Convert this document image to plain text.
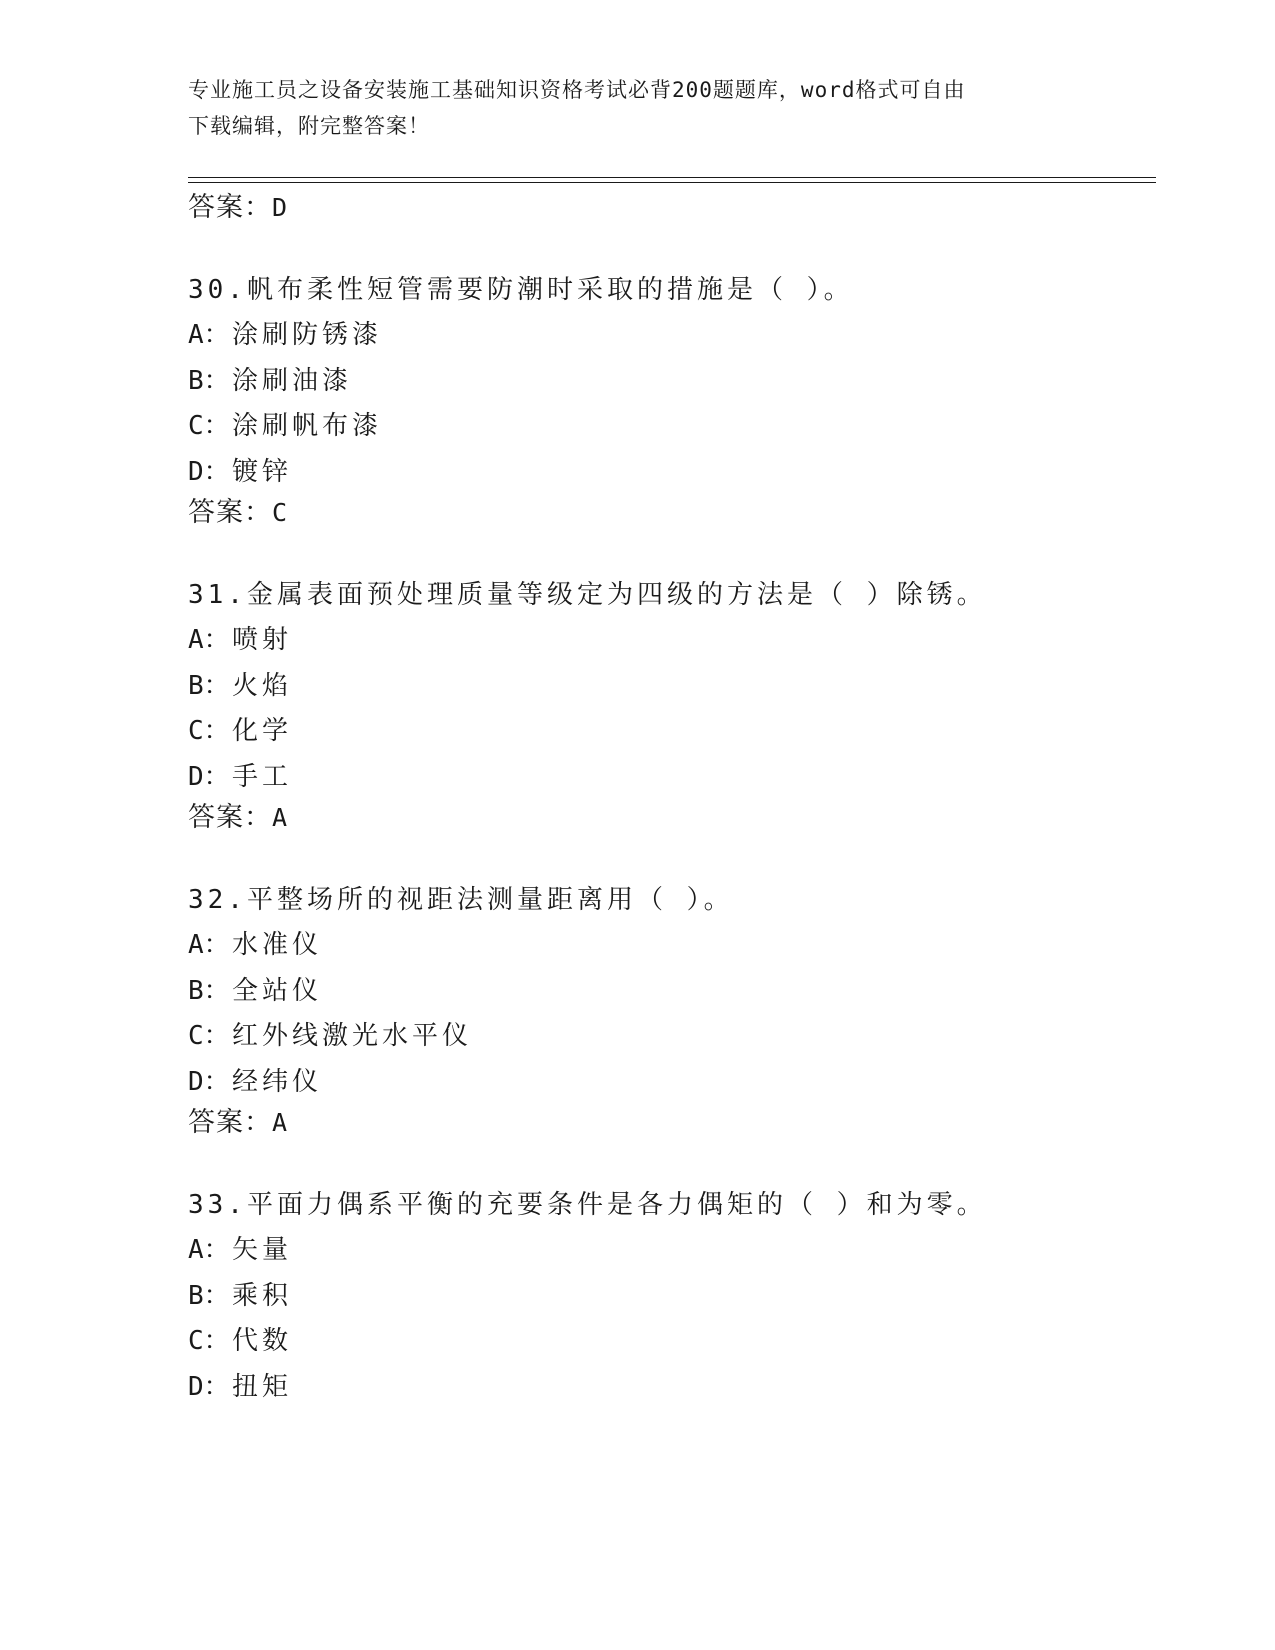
专业施工员之设备安装施工基础知识资格考试必背200题题库，word格式可自由
下载编辑，附完整答案！
答案：D
30.帆布柔性短管需要防潮时采取的措施是（ ）。
A：涂刷防锈漆
B：涂刷油漆
C：涂刷帆布漆
D：镀锌
答案：C
31.金属表面预处理质量等级定为四级的方法是（ ）除锈。
A：喷射
B：火焰
C：化学
D：手工
答案：A
32.平整场所的视距法测量距离用（ ）。
A：水准仪
B：全站仪
C：红外线激光水平仪
D：经纬仪
答案：A
33.平面力偶系平衡的充要条件是各力偶矩的（ ）和为零。
A：矢量
B：乘积
C：代数
D：扭矩
